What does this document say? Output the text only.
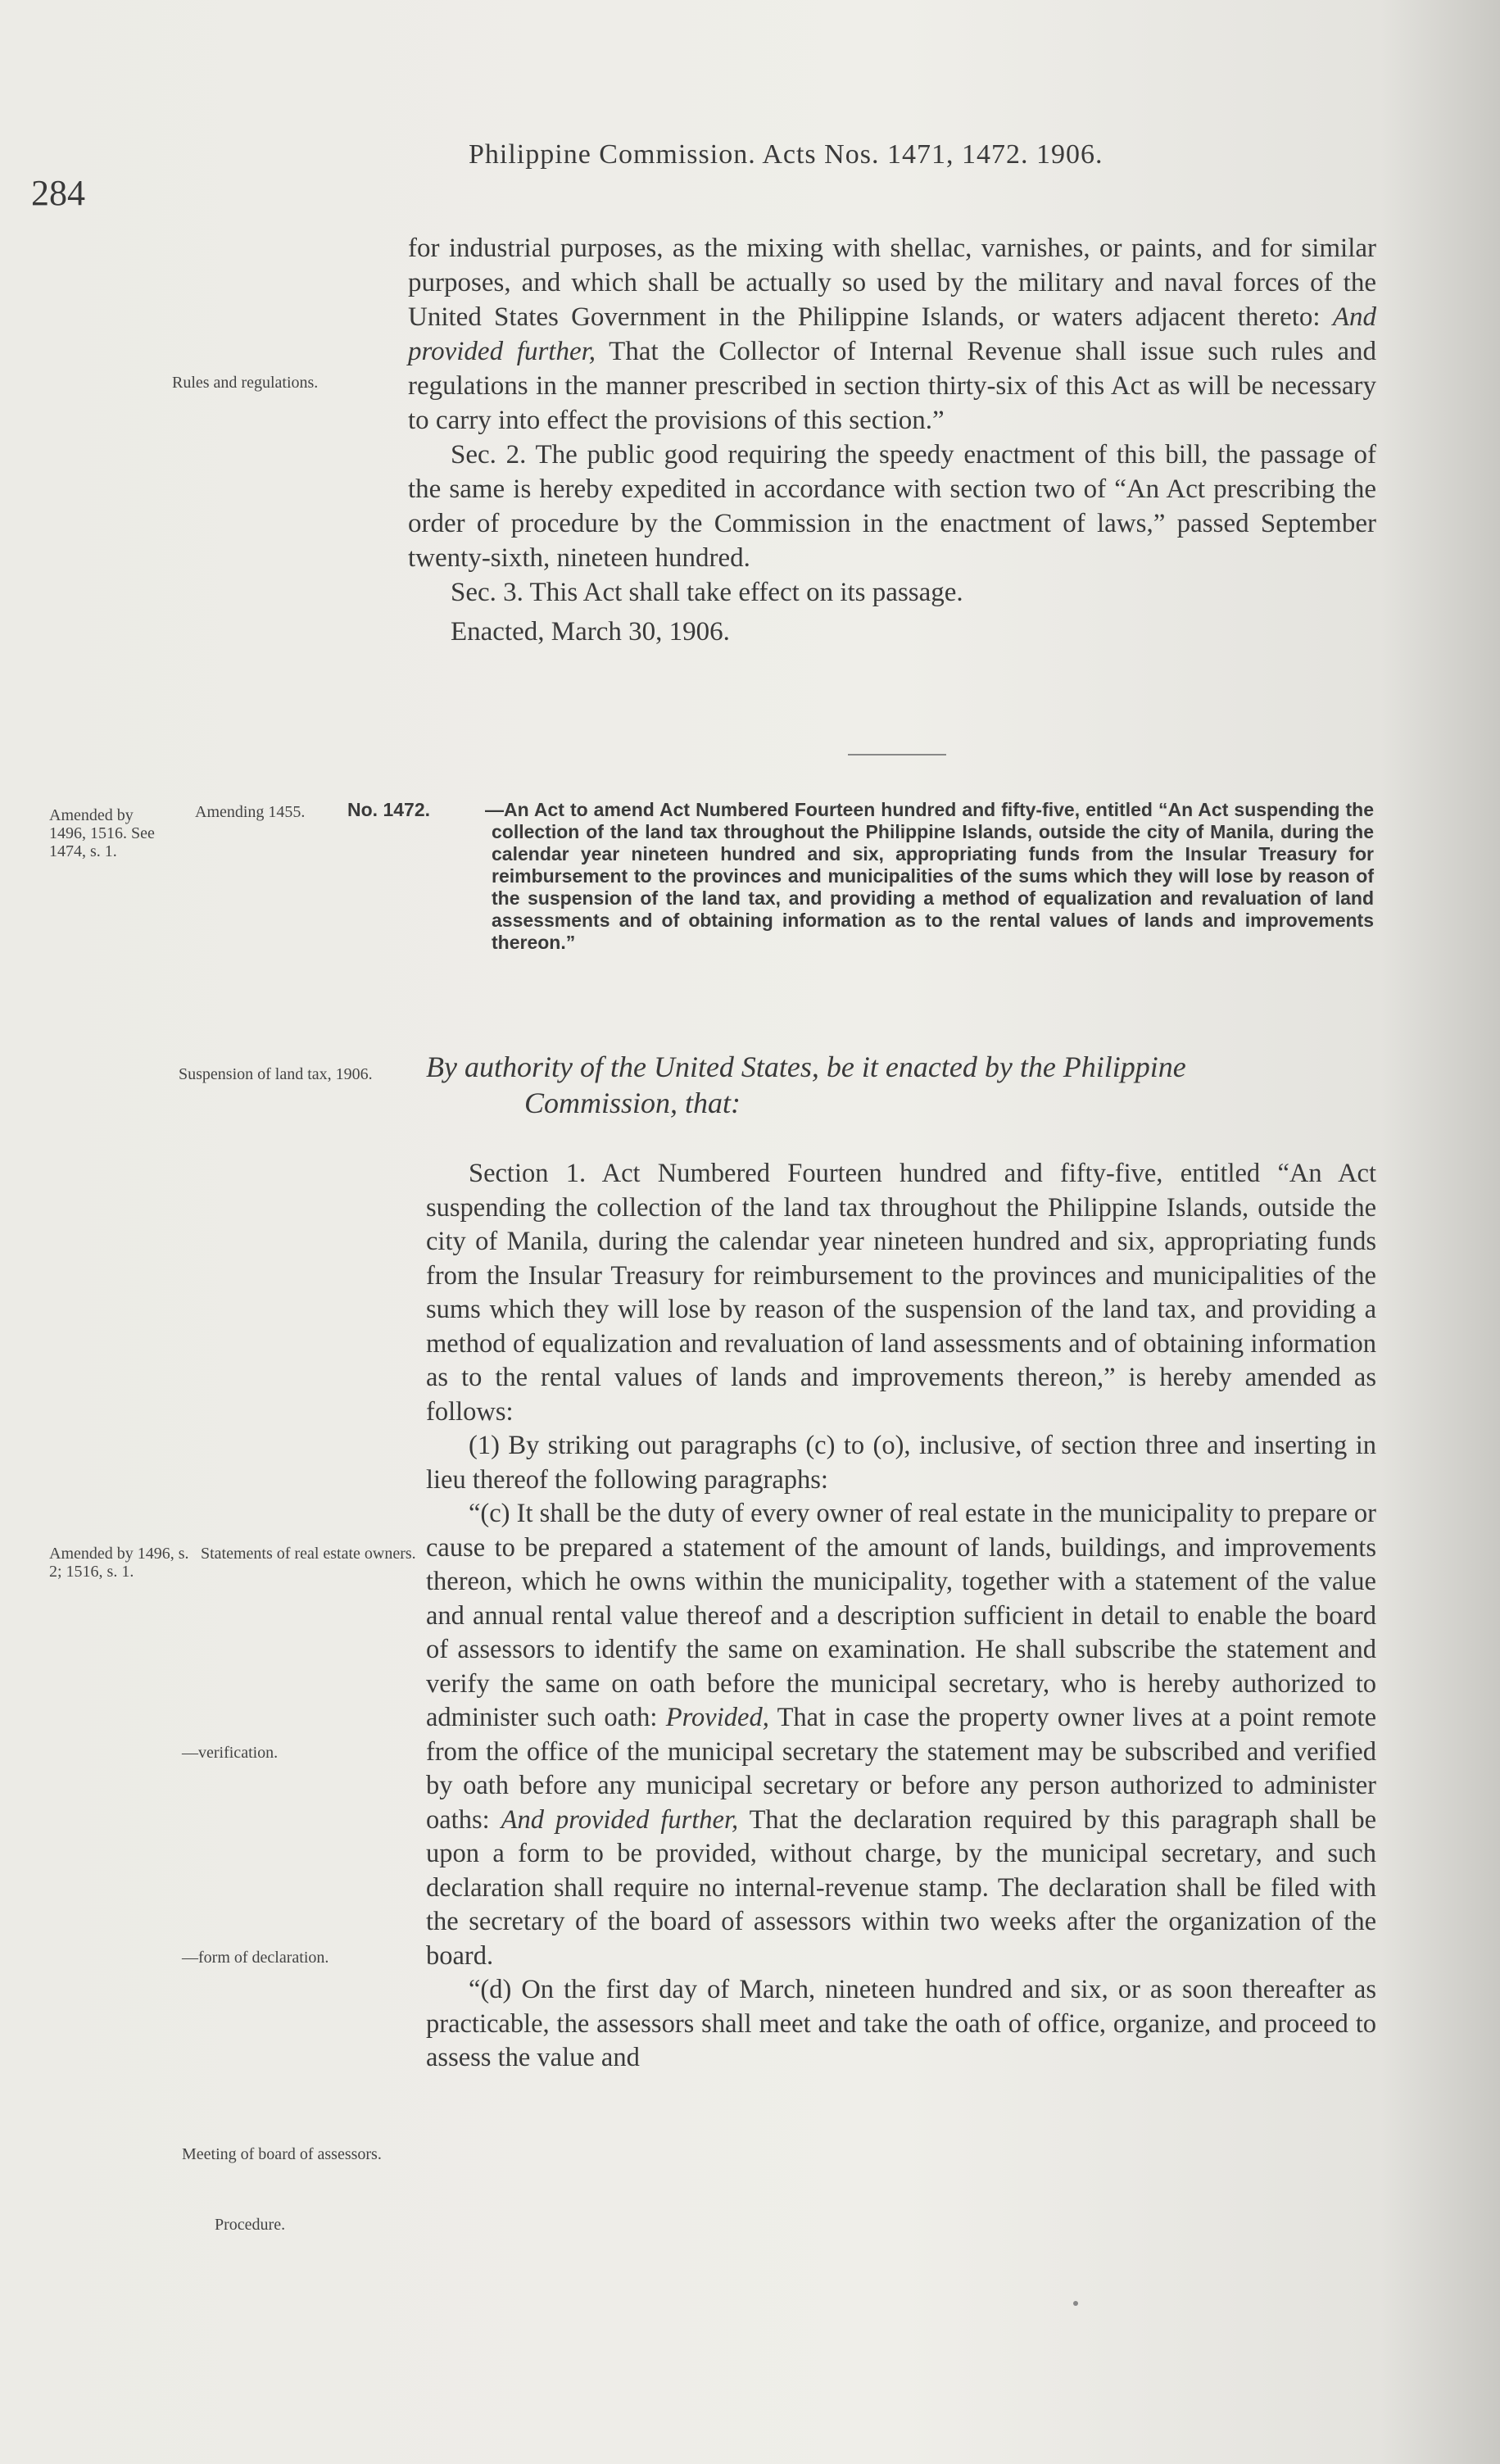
284
Philippine Commission. Acts Nos. 1471, 1472. 1906.
Rules and regulations.
Amended by 1496, 1516. See 1474, s. 1.
Amending 1455.
Suspension of land tax, 1906.
Amended by 1496, s. 2; 1516, s. 1.
Statements of real estate owners.
—verification.
—form of declaration.
Meeting of board of assessors.
Procedure.

for industrial purposes, as the mixing with shellac, varnishes, or paints, and for similar purposes, and which shall be actually so used by the military and naval forces of the United States Government in the Philippine Islands, or waters adjacent thereto: And provided further, That the Collector of Internal Revenue shall issue such rules and regulations in the manner prescribed in section thirty-six of this Act as will be necessary to carry into effect the provisions of this section.”

Sec. 2. The public good requiring the speedy enactment of this bill, the passage of the same is hereby expedited in accordance with section two of “An Act prescribing the order of procedure by the Commission in the enactment of laws,” passed September twenty-sixth, nineteen hundred.

Sec. 3. This Act shall take effect on its passage.

Enacted, March 30, 1906.

No. 1472.	—An Act to amend Act Numbered Fourteen hundred and fifty-five, entitled “An Act suspending the collection of the land tax throughout the Philippine Islands, outside the city of Manila, during the calendar year nineteen hundred and six, appropriating funds from the Insular Treasury for reimbursement to the provinces and municipalities of the sums which they will lose by reason of the suspension of the land tax, and providing a method of equalization and revaluation of land assessments and of obtaining information as to the rental values of lands and improvements thereon.”
By authority of the United States, be it enacted by the Philippine
Commission, that:

Section 1. Act Numbered Fourteen hundred and fifty-five, entitled “An Act suspending the collection of the land tax throughout the Philippine Islands, outside the city of Manila, during the calendar year nineteen hundred and six, appropriating funds from the Insular Treasury for reimbursement to the provinces and municipalities of the sums which they will lose by reason of the suspension of the land tax, and providing a method of equalization and revaluation of land assessments and of obtaining information as to the rental values of lands and improvements thereon,” is hereby amended as follows:

(1) By striking out paragraphs (c) to (o), inclusive, of section three and inserting in lieu thereof the following paragraphs:

“(c) It shall be the duty of every owner of real estate in the municipality to prepare or cause to be prepared a statement of the amount of lands, buildings, and improvements thereon, which he owns within the municipality, together with a statement of the value and annual rental value thereof and a description sufficient in detail to enable the board of assessors to identify the same on examination. He shall subscribe the statement and verify the same on oath before the municipal secretary, who is hereby authorized to administer such oath: Provided, That in case the property owner lives at a point remote from the office of the municipal secretary the statement may be subscribed and verified by oath before any municipal secretary or before any person authorized to administer oaths: And provided further, That the declaration required by this paragraph shall be upon a form to be provided, without charge, by the municipal secretary, and such declaration shall require no internal-revenue stamp. The declaration shall be filed with the secretary of the board of assessors within two weeks after the organization of the board.

“(d) On the first day of March, nineteen hundred and six, or as soon thereafter as practicable, the assessors shall meet and take the oath of office, organize, and proceed to assess the value and
